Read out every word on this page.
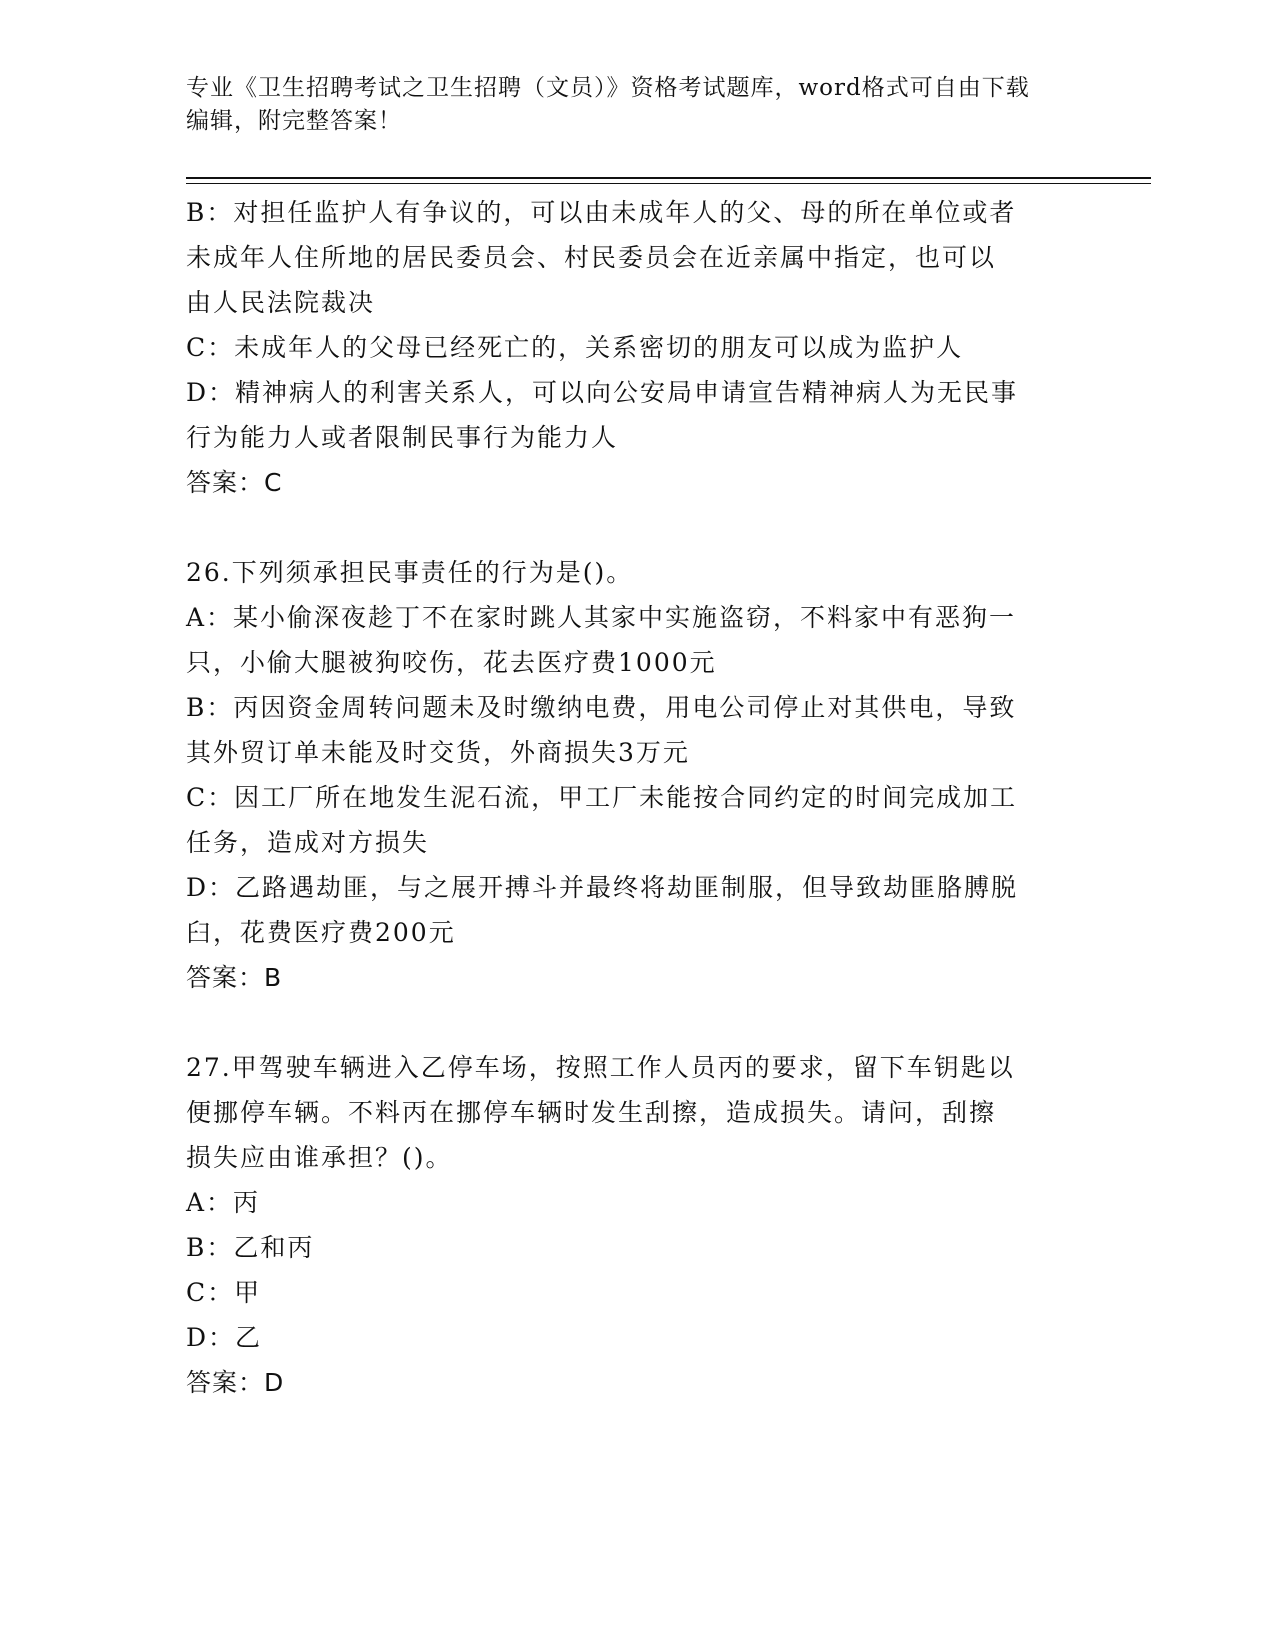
专业《卫生招聘考试之卫生招聘（文员）》资格考试题库，word格式可自由下载
编辑，附完整答案！
B：对担任监护人有争议的，可以由未成年人的父、母的所在单位或者
未成年人住所地的居民委员会、村民委员会在近亲属中指定，也可以
由人民法院裁决
C：未成年人的父母已经死亡的，关系密切的朋友可以成为监护人
D：精神病人的利害关系人，可以向公安局申请宣告精神病人为无民事
行为能力人或者限制民事行为能力人
答案：C
26.下列须承担民事责任的行为是()。
A：某小偷深夜趁丁不在家时跳人其家中实施盗窃，不料家中有恶狗一
只，小偷大腿被狗咬伤，花去医疗费1000元
B：丙因资金周转问题未及时缴纳电费，用电公司停止对其供电，导致
其外贸订单未能及时交货，外商损失3万元
C：因工厂所在地发生泥石流，甲工厂未能按合同约定的时间完成加工
任务，造成对方损失
D：乙路遇劫匪，与之展开搏斗并最终将劫匪制服，但导致劫匪胳膊脱
臼，花费医疗费200元
答案：B
27.甲驾驶车辆进入乙停车场，按照工作人员丙的要求，留下车钥匙以
便挪停车辆。不料丙在挪停车辆时发生刮擦，造成损失。请问，刮擦
损失应由谁承担？()。
A：丙
B：乙和丙
C：甲
D：乙
答案：D
